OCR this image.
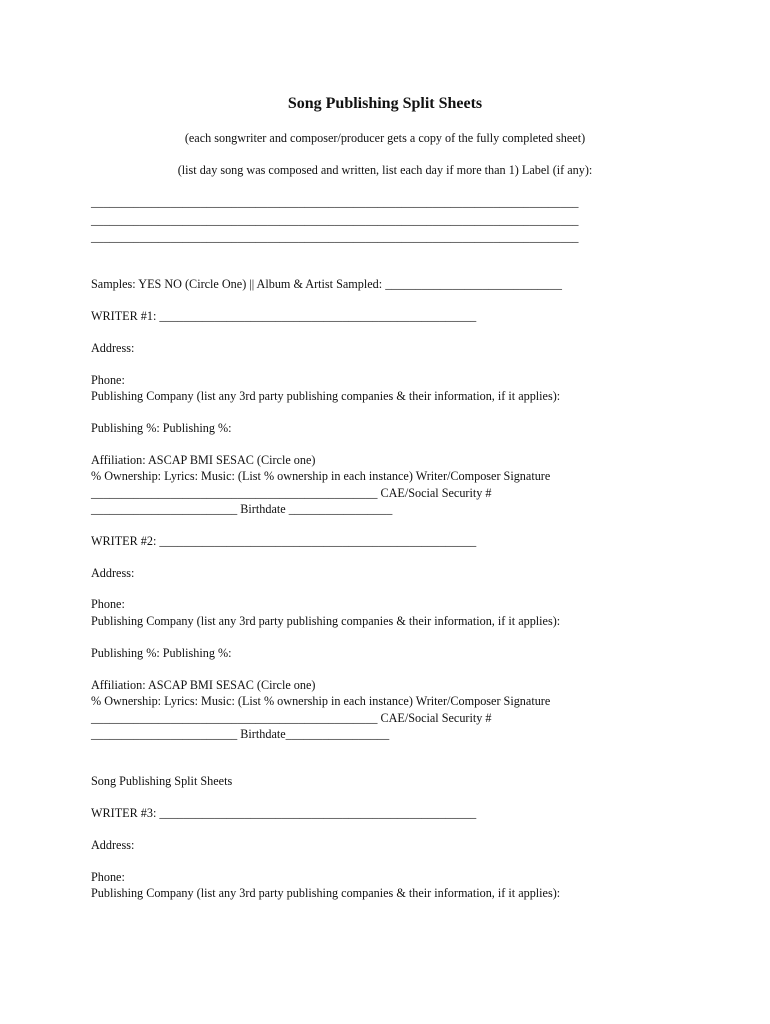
Song Publishing Split Sheets
(each songwriter and composer/producer gets a copy of the fully completed sheet)
(list day song was composed and written, list each day if more than 1) Label (if any):
________________________________________________________________________________
________________________________________________________________________________
________________________________________________________________________________
Samples: YES NO (Circle One) || Album & Artist Sampled: _____________________________
WRITER #1: ____________________________________________________
Address:
Phone:
Publishing Company (list any 3rd party publishing companies & their information, if it applies):
Publishing %: Publishing %:
Affiliation: ASCAP BMI SESAC (Circle one)
% Ownership: Lyrics: Music: (List % ownership in each instance) Writer/Composer Signature
_______________________________________________ CAE/Social Security #
________________________ Birthdate _________________
WRITER #2: ____________________________________________________
Address:
Phone:
Publishing Company (list any 3rd party publishing companies & their information, if it applies):
Publishing %: Publishing %:
Affiliation: ASCAP BMI SESAC (Circle one)
% Ownership: Lyrics: Music: (List % ownership in each instance) Writer/Composer Signature
_______________________________________________ CAE/Social Security #
________________________ Birthdate_________________
Song Publishing Split Sheets
WRITER #3: ____________________________________________________
Address:
Phone:
Publishing Company (list any 3rd party publishing companies & their information, if it applies):
